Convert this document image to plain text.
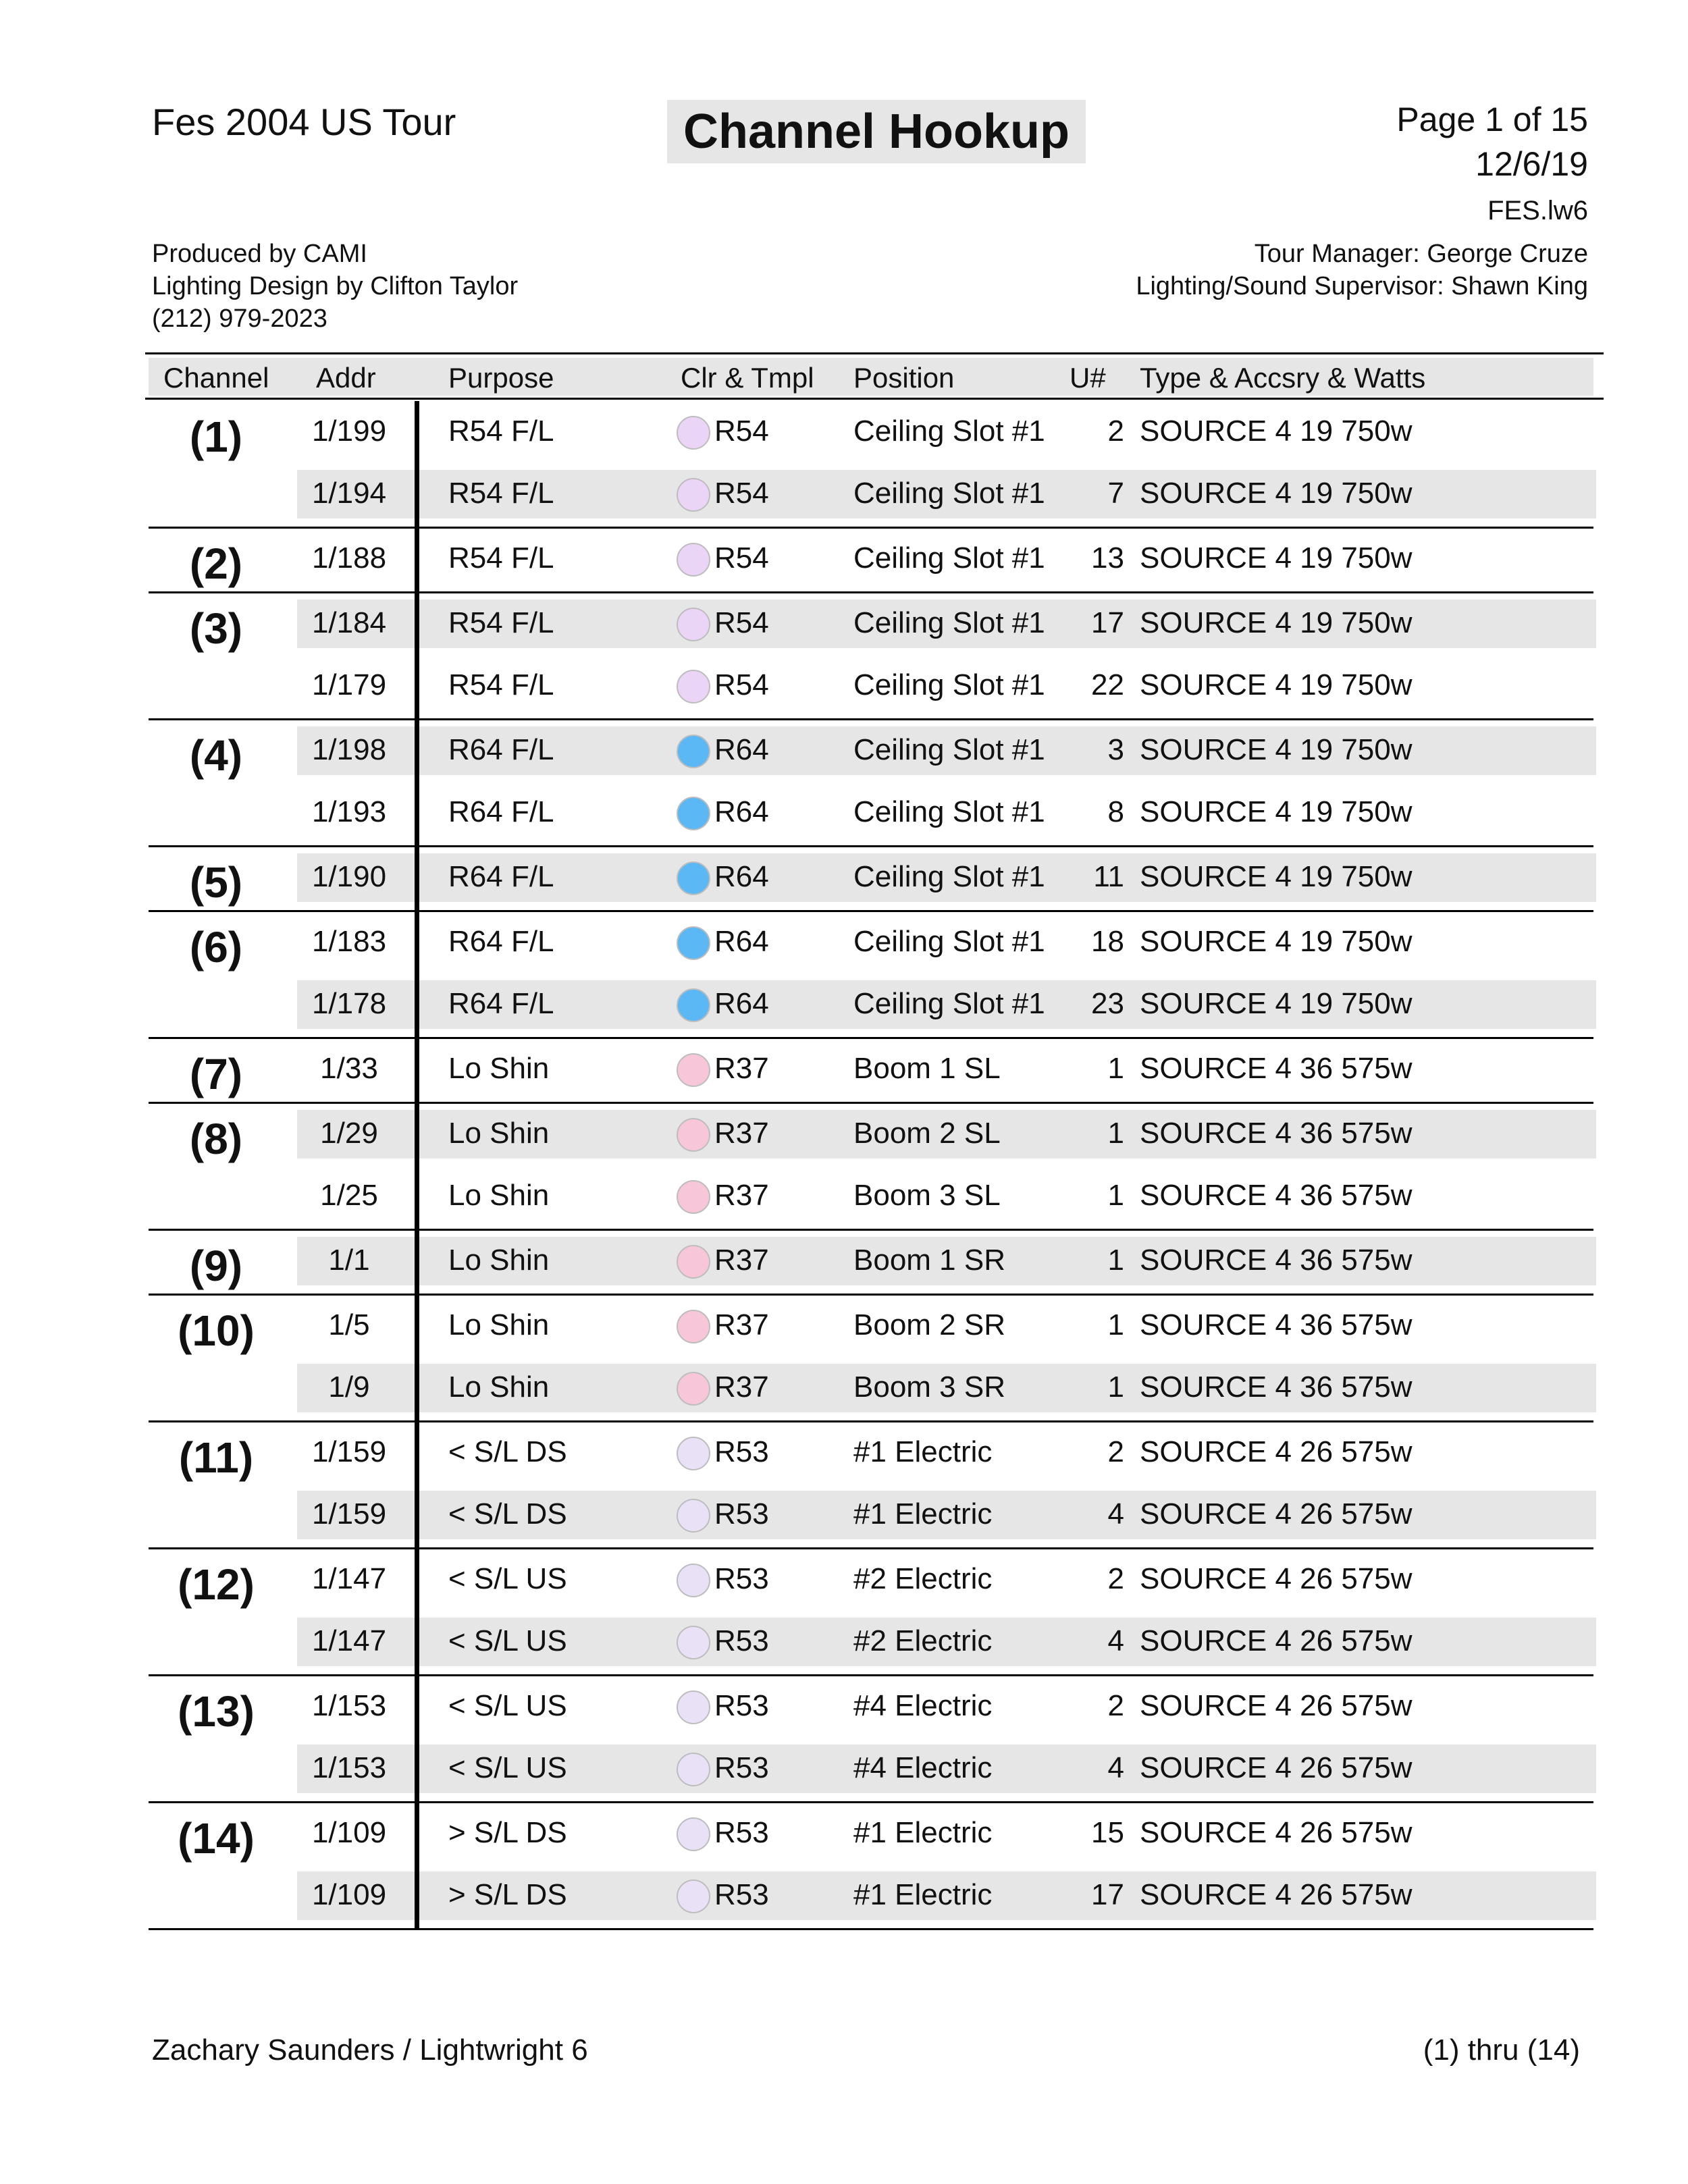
Fes 2004 US Tour	Channel Hookup	Page 1 of 15
12/6/19
FES.lw6
Produced by CAMI
Lighting Design by Clifton Taylor
(212) 979-2023
Tour Manager: George Cruze
Lighting/Sound Supervisor: Shawn King
Channel Addr	Purpose	Clr & Tmpl Position	U# Type & Accsry & Watts
(1)	1/199	R54 F/L	R54	Ceiling Slot #1	2 SOURCE 4 19 750w
1/194	R54 F/L	R54	Ceiling Slot #1	7 SOURCE 4 19 750w
(2)	1/188	R54 F/L	R54	Ceiling Slot #1	13 SOURCE 4 19 750w
(3)	1/184	R54 F/L	R54	Ceiling Slot #1	17 SOURCE 4 19 750w
1/179	R54 F/L	R54	Ceiling Slot #1	22 SOURCE 4 19 750w
(4)	1/198	R64 F/L	R64	Ceiling Slot #1	3 SOURCE 4 19 750w
1/193	R64 F/L	R64	Ceiling Slot #1	8 SOURCE 4 19 750w
(5)	1/190	R64 F/L	R64	Ceiling Slot #1	11 SOURCE 4 19 750w
(6)	1/183	R64 F/L	R64	Ceiling Slot #1	18 SOURCE 4 19 750w
1/178	R64 F/L	R64	Ceiling Slot #1	23 SOURCE 4 19 750w
(7)	1/33	Lo Shin	R37	Boom 1 SL	1 SOURCE 4 36 575w
(8)	1/29	Lo Shin	R37	Boom 2 SL	1 SOURCE 4 36 575w
1/25	Lo Shin	R37	Boom 3 SL	1 SOURCE 4 36 575w
(9)	1/1	Lo Shin	R37	Boom 1 SR	1 SOURCE 4 36 575w
(10)	1/5	Lo Shin	R37	Boom 2 SR	1 SOURCE 4 36 575w
1/9	Lo Shin	R37	Boom 3 SR	1 SOURCE 4 36 575w
(11)	1/159	< S/L DS	R53	#1 Electric	2 SOURCE 4 26 575w
1/159	< S/L DS	R53	#1 Electric	4 SOURCE 4 26 575w
(12)	1/147	< S/L US	R53	#2 Electric	2 SOURCE 4 26 575w
1/147	< S/L US	R53	#2 Electric	4 SOURCE 4 26 575w
(13)	1/153	< S/L US	R53	#4 Electric	2 SOURCE 4 26 575w
1/153	< S/L US	R53	#4 Electric	4 SOURCE 4 26 575w
(14)	1/109	> S/L DS	R53	#1 Electric	15 SOURCE 4 26 575w
1/109	> S/L DS	R53	#1 Electric	17 SOURCE 4 26 575w
Zachary Saunders / Lightwright 6	(1) thru (14)
